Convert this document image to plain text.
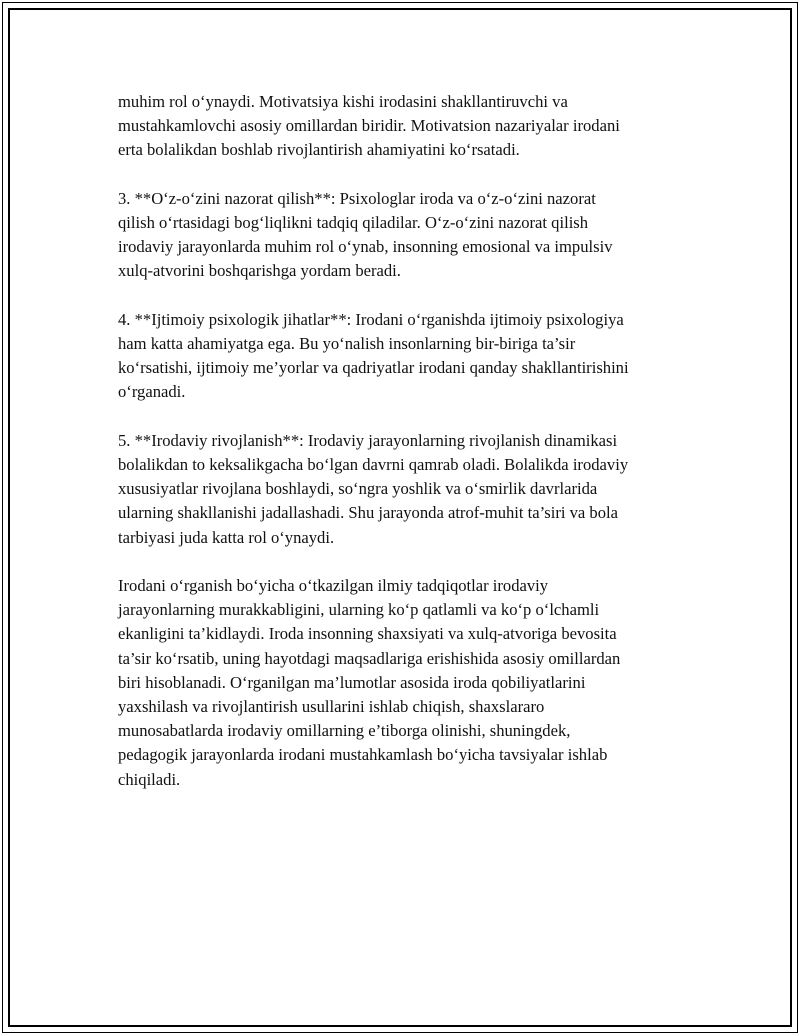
muhim rol o‘ynaydi. Motivatsiya kishi irodasini shakllantiruvchi va
mustahkamlovchi asosiy omillardan biridir. Motivatsion nazariyalar irodani
erta bolalikdan boshlab rivojlantirish ahamiyatini ko‘rsatadi.

3. **O‘z-o‘zini nazorat qilish**: Psixologlar iroda va o‘z-o‘zini nazorat
qilish o‘rtasidagi bog‘liqlikni tadqiq qiladilar. O‘z-o‘zini nazorat qilish
irodaviy jarayonlarda muhim rol o‘ynab, insonning emosional va impulsiv
xulq-atvorini boshqarishga yordam beradi.

4. **Ijtimoiy psixologik jihatlar**: Irodani o‘rganishda ijtimoiy psixologiya
ham katta ahamiyatga ega. Bu yo‘nalish insonlarning bir-biriga ta’sir
ko‘rsatishi, ijtimoiy me’yorlar va qadriyatlar irodani qanday shakllantirishini
o‘rganadi.

5. **Irodaviy rivojlanish**: Irodaviy jarayonlarning rivojlanish dinamikasi
bolalikdan to keksalikgacha bo‘lgan davrni qamrab oladi. Bolalikda irodaviy
xususiyatlar rivojlana boshlaydi, so‘ngra yoshlik va o‘smirlik davrlarida
ularning shakllanishi jadallashadi. Shu jarayonda atrof-muhit ta’siri va bola
tarbiyasi juda katta rol o‘ynaydi.

Irodani o‘rganish bo‘yicha o‘tkazilgan ilmiy tadqiqotlar irodaviy
jarayonlarning murakkabligini, ularning ko‘p qatlamli va ko‘p o‘lchamli
ekanligini ta’kidlaydi. Iroda insonning shaxsiyati va xulq-atvoriga bevosita
ta’sir ko‘rsatib, uning hayotdagi maqsadlariga erishishida asosiy omillardan
biri hisoblanadi. O‘rganilgan ma’lumotlar asosida iroda qobiliyatlarini
yaxshilash va rivojlantirish usullarini ishlab chiqish, shaxslararo
munosabatlarda irodaviy omillarning e’tiborga olinishi, shuningdek,
pedagogik jarayonlarda irodani mustahkamlash bo‘yicha tavsiyalar ishlab
chiqiladi.
